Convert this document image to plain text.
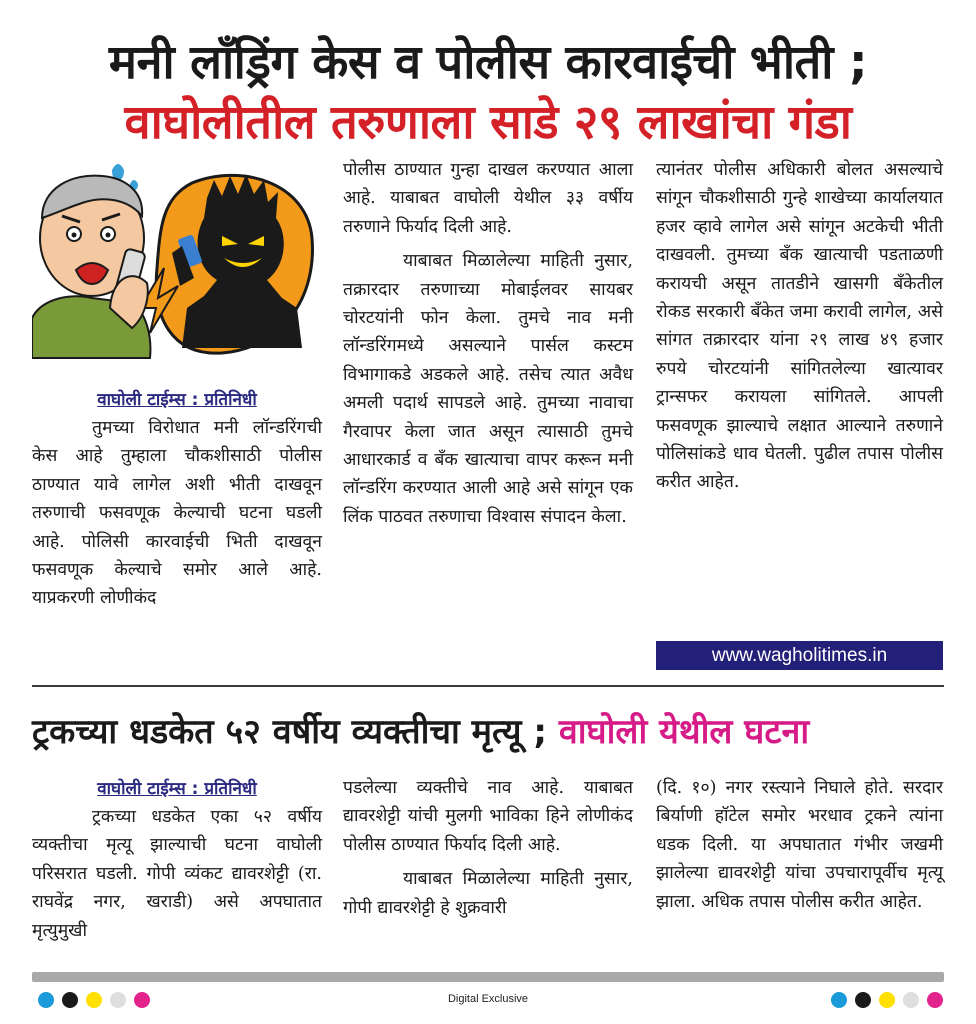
मनी लॉंड्रिंग केस व पोलीस कारवाईची भीती ;
वाघोलीतील तरुणाला साडे २९ लाखांचा गंडा
वाघोली टाईम्स : प्रतिनिधी

तुमच्या विरोधात मनी लॉन्डरिंगची केस आहे तुम्हाला चौकशीसाठी पोलीस ठाण्यात यावे लागेल अशी भीती दाखवून तरुणाची फसवणूक केल्याची घटना घडली आहे. पोलिसी कारवाईची भिती दाखवून फसवणूक केल्याचे समोर आले आहे. याप्रकरणी लोणीकंद

पोलीस ठाण्यात गुन्हा दाखल करण्यात आला आहे. याबाबत वाघोली येथील ३३ वर्षीय तरुणाने फिर्याद दिली आहे.

याबाबत मिळालेल्या माहिती नुसार, तक्रारदार तरुणाच्या मोबाईलवर सायबर चोरटयांनी फोन केला. तुमचे नाव मनी लॉन्डरिंगमध्ये असल्याने पार्सल कस्टम विभागाकडे अडकले आहे. तसेच त्यात अवैध अमली पदार्थ सापडले आहे. तुमच्या नावाचा गैरवापर केला जात असून त्यासाठी तुमचे आधारकार्ड व बँक खात्याचा वापर करून मनी लॉन्डरिंग करण्यात आली आहे असे सांगून एक लिंक पाठवत तरुणाचा विश्वास संपादन केला.

त्यानंतर पोलीस अधिकारी बोलत असल्याचे सांगून चौकशीसाठी गुन्हे शाखेच्या कार्यालयात हजर व्हावे लागेल असे सांगून अटकेची भीती दाखवली. तुमच्या बँक खात्याची पडताळणी करायची असून तातडीने खासगी बँकेतील रोकड सरकारी बँकेत जमा करावी लागेल, असे सांगत तक्रारदार यांना २९ लाख ४९ हजार रुपये चोरटयांनी सांगितलेल्या खात्यावर ट्रान्सफर करायला सांगितले. आपली फसवणूक झाल्याचे लक्षात आल्याने तरुणाने पोलिसांकडे धाव घेतली. पुढील तपास पोलीस करीत आहेत.

www.wagholitimes.in
ट्रकच्या धडकेत ५२ वर्षीय व्यक्तीचा मृत्यू ; वाघोली येथील घटना
वाघोली टाईम्स : प्रतिनिधी

ट्रकच्या धडकेत एका ५२ वर्षीय व्यक्तीचा मृत्यू झाल्याची घटना वाघोली परिसरात घडली. गोपी व्यंकट द्यावरशेट्टी (रा. राघवेंद्र नगर, खराडी) असे अपघातात मृत्युमुखी

पडलेल्या व्यक्तीचे नाव आहे. याबाबत द्यावरशेट्टी यांची मुलगी भाविका हिने लोणीकंद पोलीस ठाण्यात फिर्याद दिली आहे.

याबाबत मिळालेल्या माहिती नुसार, गोपी द्यावरशेट्टी हे शुक्रवारी

(दि. १०) नगर रस्त्याने निघाले होते. सरदार बिर्याणी हॉटेल समोर भरधाव ट्रकने त्यांना धडक दिली. या अपघातात गंभीर जखमी झालेल्या द्यावरशेट्टी यांचा उपचारापूर्वीच मृत्यू झाला. अधिक तपास पोलीस करीत आहेत.

Digital Exclusive
